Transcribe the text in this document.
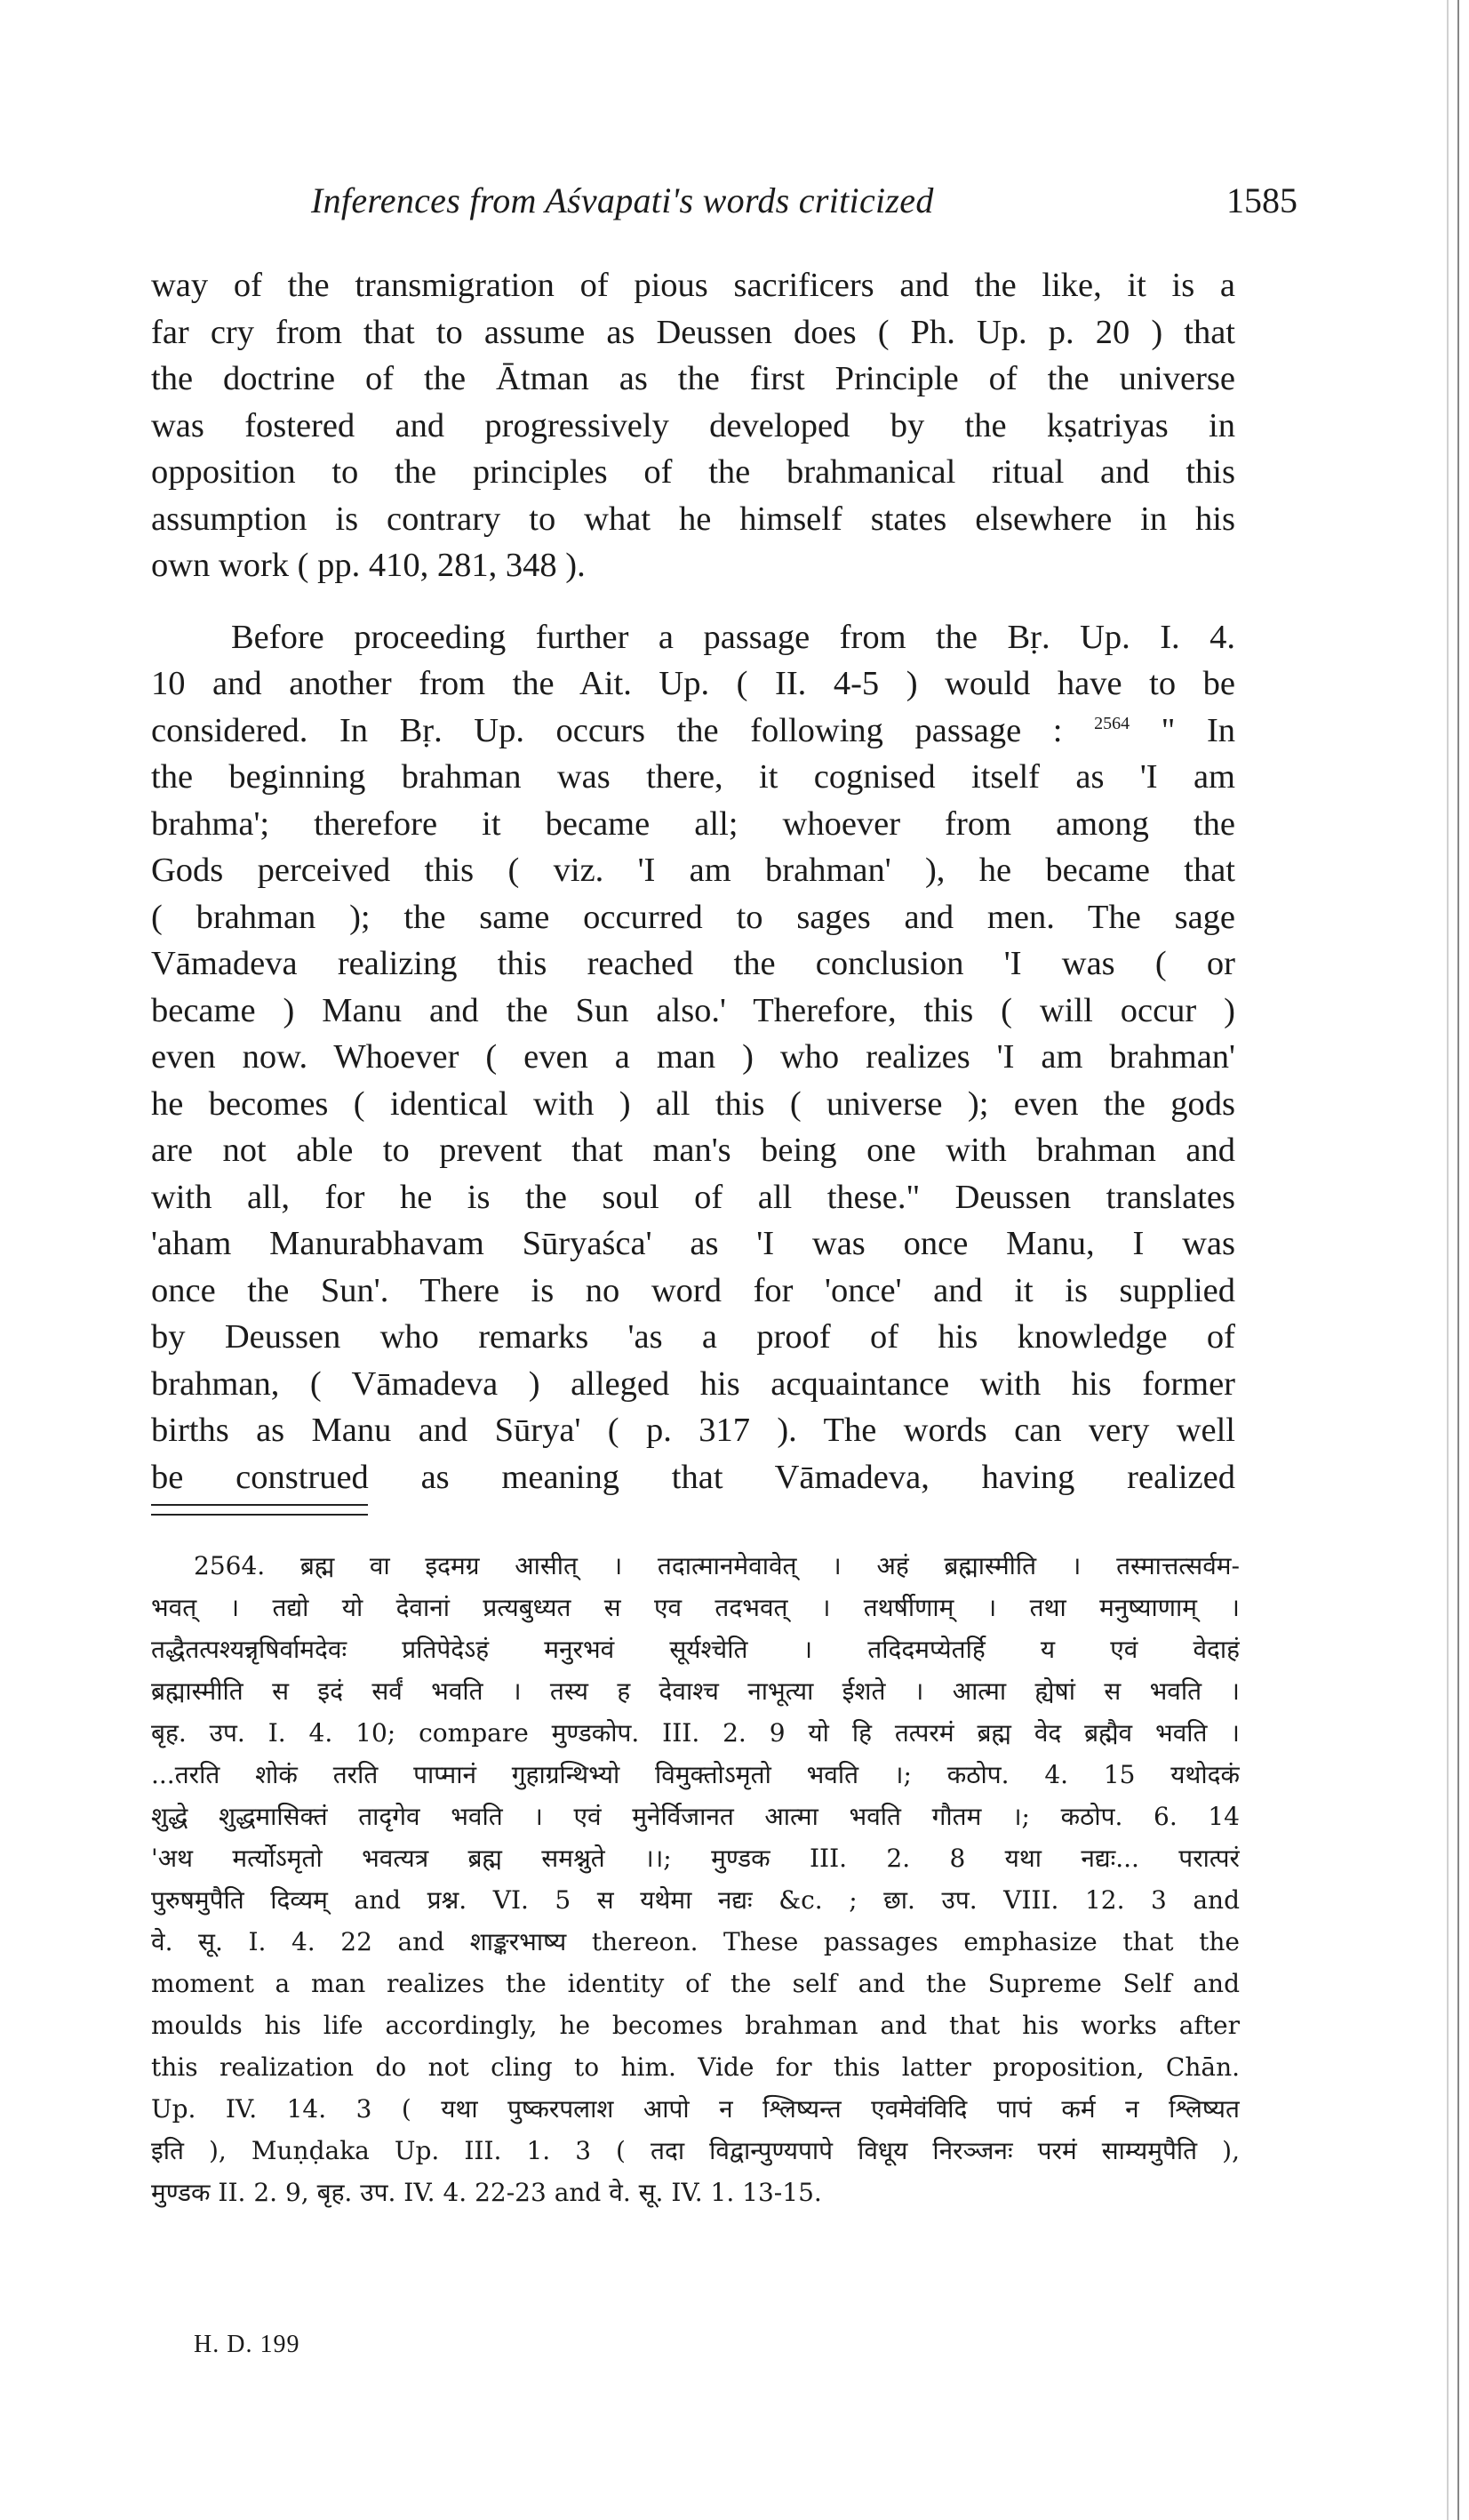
Inferences from Aśvapati's words criticized	1585

way of the transmigration of pious sacrificers and the like, it is a

far cry from that to assume as Deussen does ( Ph. Up. p. 20 ) that

the doctrine of the Ātman as the first Principle of the universe

was fostered and progressively developed by the kṣatriyas in

opposition to the principles of the brahmanical ritual and this

assumption is contrary to what he himself states elsewhere in his

own work ( pp. 410, 281, 348 ).

Before proceeding further a passage from the Bṛ. Up. I. 4.

10 and another from the Ait. Up. ( II. 4-5 ) would have to be

considered. In Bṛ. Up. occurs the following passage : $^{2564}$ " In

the beginning brahman was there, it cognised itself as 'I am

brahma'; therefore it became all; whoever from among the

Gods perceived this ( viz. 'I am brahman' ), he became that

( brahman ); the same occurred to sages and men. The sage

Vāmadeva realizing this reached the conclusion 'I was ( or

became ) Manu and the Sun also.' Therefore, this ( will occur )

even now. Whoever ( even a man ) who realizes 'I am brahman'

he becomes ( identical with ) all this ( universe ); even the gods

are not able to prevent that man's being one with brahman and

with all, for he is the soul of all these." Deussen translates

'aham Manurabhavam Sūryaśca' as 'I was once Manu, I was

once the Sun'. There is no word for 'once' and it is supplied

by Deussen who remarks 'as a proof of his knowledge of

brahman, ( Vāmadeva ) alleged his acquaintance with his former

births as Manu and Sūrya' ( p. 317 ). The words can very well

be construed as meaning that Vāmadeva, having realized

2564. ब्रह्म वा इदमग्र आसीत् । तदात्मानमेवावेत् । अहं ब्रह्मास्मीति । तस्मात्तत्सर्वम-

भवत् । तद्यो यो देवानां प्रत्यबुध्यत स एव तदभवत् । तथर्षीणाम् । तथा मनुष्याणाम् ।

तद्धैतत्पश्यन्नृषिर्वामदेवः प्रतिपेदेऽहं मनुरभवं सूर्यश्चेति । तदिदमप्येतर्हि य एवं वेदाहं

ब्रह्मास्मीति स इदं सर्वं भवति । तस्य ह देवाश्च नाभूत्या ईशते । आत्मा ह्येषां स भवति ।

बृह. उप. I. 4. 10; compare मुण्डकोप. III. 2. 9 यो हि तत्परमं ब्रह्म वेद ब्रह्मैव भवति ।

...तरति शोकं तरति पाप्मानं गुहाग्रन्थिभ्यो विमुक्तोऽमृतो भवति ।; कठोप. 4. 15 यथोदकं

शुद्धे शुद्धमासिक्तं तादृगेव भवति । एवं मुनेर्विजानत आत्मा भवति गौतम ।; कठोप. 6. 14

'अथ मर्त्योऽमृतो भवत्यत्र ब्रह्म समश्नुते ।।; मुण्डक III. 2. 8 यथा नद्यः... परात्परं

पुरुषमुपैति दिव्यम् and प्रश्न. VI. 5 स यथेमा नद्यः &c. ; छा. उप. VIII. 12. 3 and

वे. सू. I. 4. 22 and शाङ्करभाष्य thereon. These passages emphasize that the

moment a man realizes the identity of the self and the Supreme Self and

moulds his life accordingly, he becomes brahman and that his works after

this realization do not cling to him. Vide for this latter proposition, Chān.

Up. IV. 14. 3 ( यथा पुष्करपलाश आपो न श्लिष्यन्त एवमेवंविदि पापं कर्म न श्लिष्यत

इति ), Muṇḍaka Up. III. 1. 3 ( तदा विद्वान्पुण्यपापे विधूय निरञ्जनः परमं साम्यमुपैति ),

मुण्डक II. 2. 9, बृह. उप. IV. 4. 22-23 and वे. सू. IV. 1. 13-15.

H. D. 199
